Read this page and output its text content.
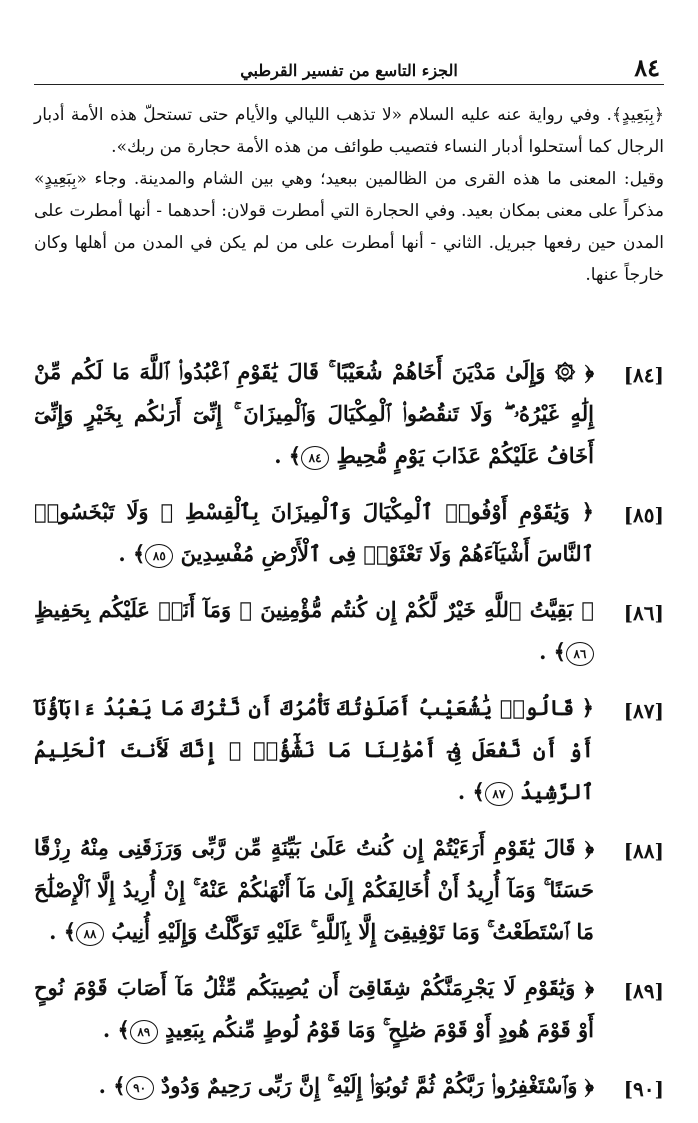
٨٤
الجزء التاسع من تفسير القرطبي

﴿بِبَعِيدٍ﴾. وفي رواية عنه عليه السلام «لا تذهب الليالي والأيام حتى تستحلّ هذه الأمة أدبار الرجال كما أستحلوا أدبار النساء فتصيب طوائف من هذه الأمة حجارة من ربك».

وقيل: المعنى ما هذه القرى من الظالمين ببعيد؛ وهي بين الشام والمدينة. وجاء «بِبَعِيدٍ» مذكراً على معنى بمكان بعيد. وفي الحجارة التي أمطرت قولان: أحدهما - أنها أمطرت على المدن حين رفعها جبريل. الثاني - أنها أمطرت على من لم يكن في المدن من أهلها وكان خارجاً عنها.

[٨٤]
﴿ ۞ وَإِلَىٰ مَدْيَنَ أَخَاهُمْ شُعَيْبًا ۚ قَالَ يَٰقَوْمِ ٱعْبُدُوا۟ ٱللَّهَ مَا لَكُم مِّنْ إِلَٰهٍ غَيْرُهُۥ ۖ وَلَا تَنقُصُوا۟ ٱلْمِكْيَالَ وَٱلْمِيزَانَ ۚ إِنِّىٓ أَرَىٰكُم بِخَيْرٍ وَإِنِّىٓ أَخَافُ عَلَيْكُمْ عَذَابَ يَوْمٍ مُّحِيطٍ ٨٤﴾ .
[٨٥]
﴿ وَيَٰقَوْمِ أَوْفُوا۟ ٱلْمِكْيَالَ وَٱلْمِيزَانَ بِٱلْقِسْطِ ۖ وَلَا تَبْخَسُوا۟ ٱلنَّاسَ أَشْيَآءَهُمْ وَلَا تَعْثَوْا۟ فِى ٱلْأَرْضِ مُفْسِدِينَ ٨٥﴾ .
[٨٦]
﴿ بَقِيَّتُ ٱللَّهِ خَيْرٌ لَّكُمْ إِن كُنتُم مُّؤْمِنِينَ ۚ وَمَآ أَنَا۠ عَلَيْكُم بِحَفِيظٍ ٨٦﴾ .
[٨٧]
﴿ قَالُوا۟ يَٰشُعَيْبُ أَصَلَوٰتُكَ تَأْمُرُكَ أَن نَّتْرُكَ مَا يَعْبُدُ ءَابَآؤُنَآ أَوْ أَن نَّفْعَلَ فِىٓ أَمْوَٰلِنَا مَا نَشَٰٓؤُا۟ ۖ إِنَّكَ لَأَنتَ ٱلْحَلِيمُ ٱلرَّشِيدُ ٨٧﴾ .
[٨٨]
﴿ قَالَ يَٰقَوْمِ أَرَءَيْتُمْ إِن كُنتُ عَلَىٰ بَيِّنَةٍ مِّن رَّبِّى وَرَزَقَنِى مِنْهُ رِزْقًا حَسَنًا ۚ وَمَآ أُرِيدُ أَنْ أُخَالِفَكُمْ إِلَىٰ مَآ أَنْهَىٰكُمْ عَنْهُ ۚ إِنْ أُرِيدُ إِلَّا ٱلْإِصْلَٰحَ مَا ٱسْتَطَعْتُ ۚ وَمَا تَوْفِيقِىٓ إِلَّا بِٱللَّهِ ۚ عَلَيْهِ تَوَكَّلْتُ وَإِلَيْهِ أُنِيبُ ٨٨﴾ .
[٨٩]
﴿ وَيَٰقَوْمِ لَا يَجْرِمَنَّكُمْ شِقَاقِىٓ أَن يُصِيبَكُم مِّثْلُ مَآ أَصَابَ قَوْمَ نُوحٍ أَوْ قَوْمَ هُودٍ أَوْ قَوْمَ صَٰلِحٍ ۚ وَمَا قَوْمُ لُوطٍ مِّنكُم بِبَعِيدٍ ٨٩﴾ .
[٩٠]
﴿ وَٱسْتَغْفِرُوا۟ رَبَّكُمْ ثُمَّ تُوبُوٓا۟ إِلَيْهِ ۚ إِنَّ رَبِّى رَحِيمٌ وَدُودٌ ٩٠﴾ .
